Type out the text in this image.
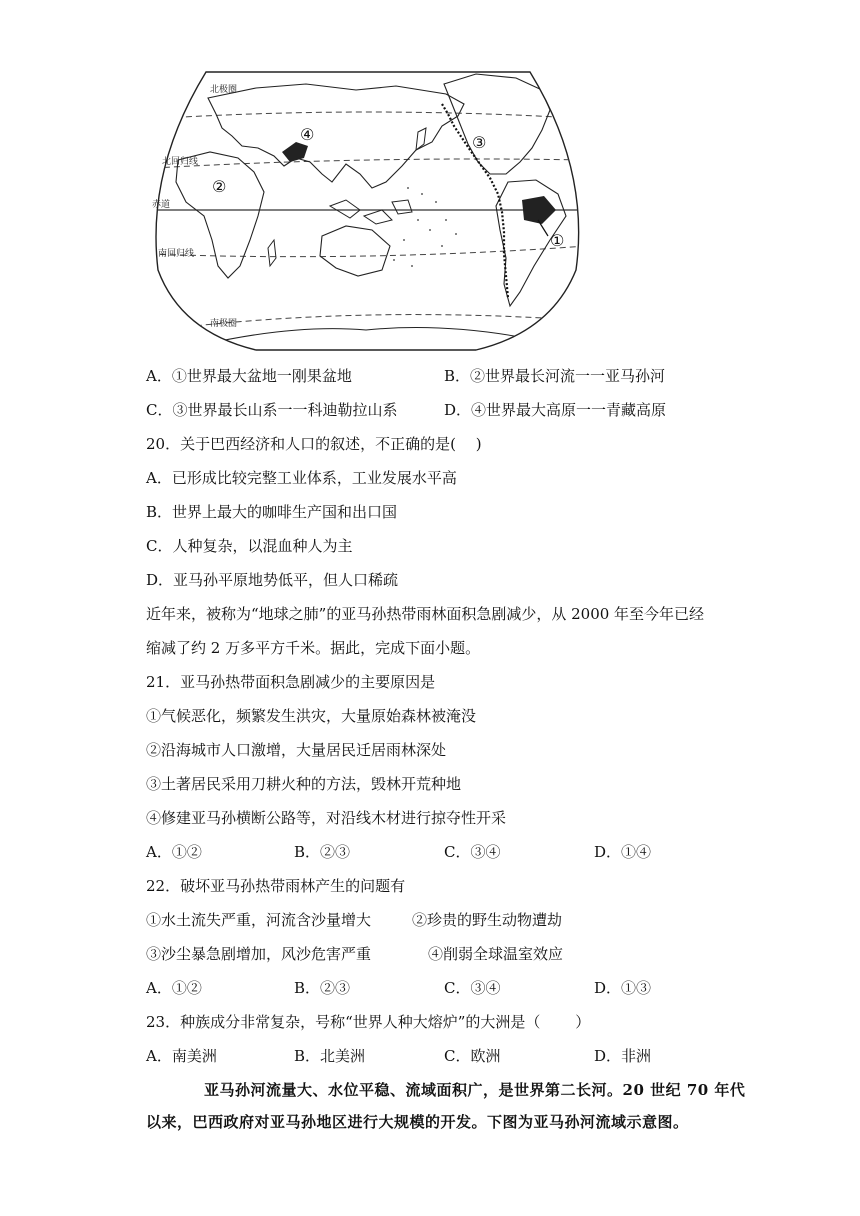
北极圈
北回归线
赤道
南回归线
南极圈
①
②
③
④
A．①世界最大盆地一刚果盆地	B．②世界最长河流一一亚马孙河
C．③世界最长山系一一科迪勒拉山系	D．④世界最大高原一一青藏高原
20．关于巴西经济和人口的叙述，不正确的是(　 )
A．已形成比较完整工业体系，工业发展水平高
B．世界上最大的咖啡生产国和出口国
C．人种复杂，以混血种人为主
D．亚马孙平原地势低平，但人口稀疏
近年来，被称为“地球之肺”的亚马孙热带雨林面积急剧减少，从 2000 年至今年已经
缩减了约 2 万多平方千米。据此，完成下面小题。
21．亚马孙热带面积急剧减少的主要原因是
①气候恶化，频繁发生洪灾，大量原始森林被淹没
②沿海城市人口激增，大量居民迁居雨林深处
③土著居民采用刀耕火种的方法，毁林开荒种地
④修建亚马孙横断公路等，对沿线木材进行掠夺性开采
A．①②	B．②③	C．③④	D．①④
22．破坏亚马孙热带雨林产生的问题有
①水土流失严重，河流含沙量增大	②珍贵的野生动物遭劫
③沙尘暴急剧增加，风沙危害严重	④削弱全球温室效应
A．①②	B．②③	C．③④	D．①③
23．种族成分非常复杂，号称“世界人种大熔炉”的大洲是（　　 ）
A．南美洲	B．北美洲	C．欧洲	D．非洲
亚马孙河流量大、水位平稳、流域面积广，是世界第二长河。20 世纪 70 年代
以来，巴西政府对亚马孙地区进行大规模的开发。下图为亚马孙河流域示意图。
